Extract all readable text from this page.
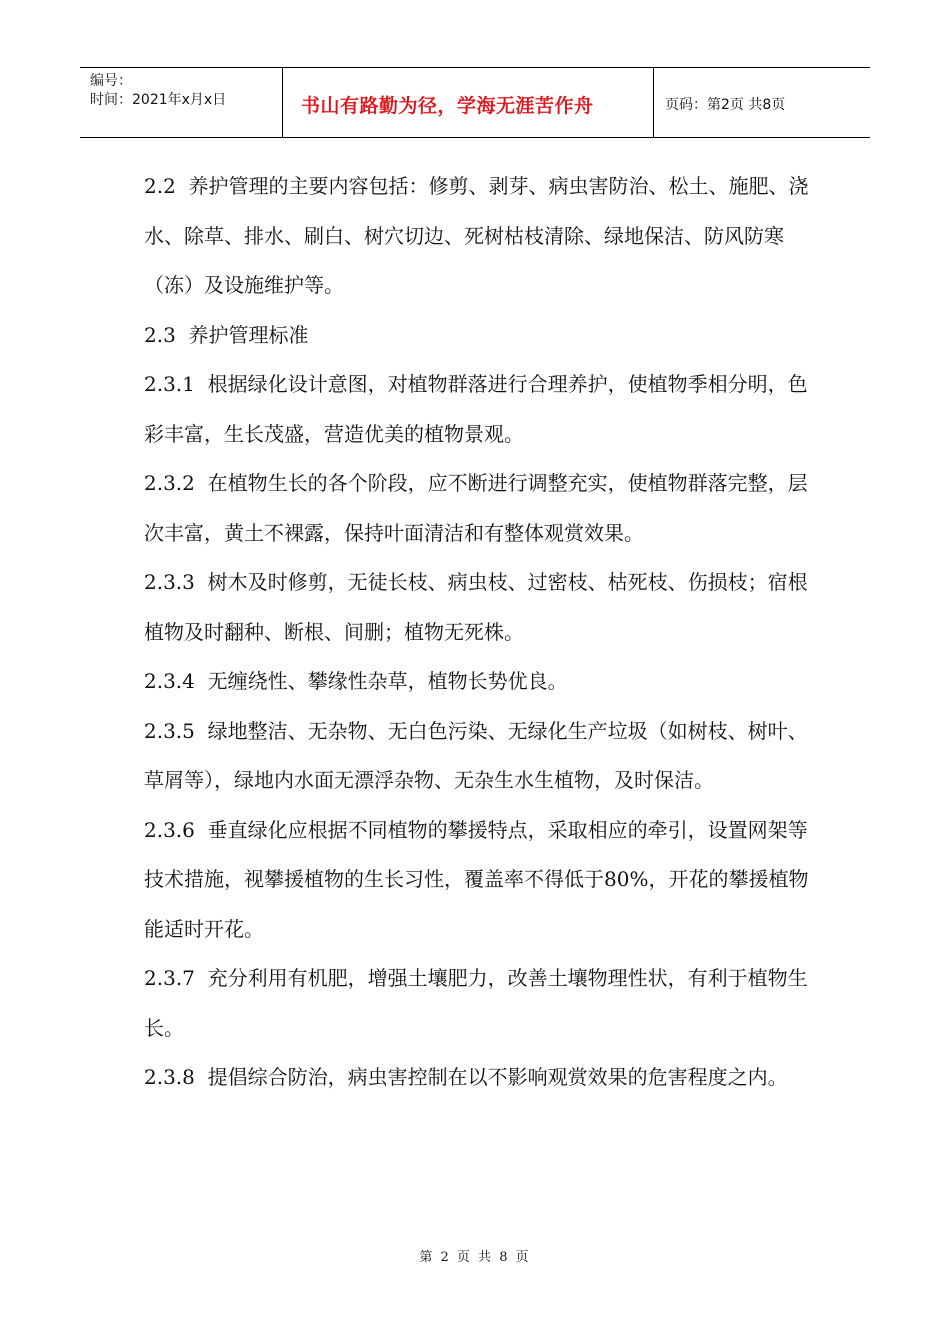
编号：
时间：2021年x月x日	书山有路勤为径，学海无涯苦作舟	页码：第2页 共8页

2.2  养护管理的主要内容包括：修剪、剥芽、病虫害防治、松土、施肥、浇水、除草、排水、刷白、树穴切边、死树枯枝清除、绿地保洁、防风防寒（冻）及设施维护等。

2.3  养护管理标准

2.3.1  根据绿化设计意图，对植物群落进行合理养护，使植物季相分明，色彩丰富，生长茂盛，营造优美的植物景观。

2.3.2  在植物生长的各个阶段，应不断进行调整充实，使植物群落完整，层次丰富，黄土不裸露，保持叶面清洁和有整体观赏效果。

2.3.3  树木及时修剪，无徒长枝、病虫枝、过密枝、枯死枝、伤损枝；宿根植物及时翻种、断根、间删；植物无死株。

2.3.4  无缠绕性、攀缘性杂草，植物长势优良。

2.3.5  绿地整洁、无杂物、无白色污染、无绿化生产垃圾（如树枝、树叶、草屑等），绿地内水面无漂浮杂物、无杂生水生植物，及时保洁。

2.3.6  垂直绿化应根据不同植物的攀援特点，采取相应的牵引，设置网架等技术措施，视攀援植物的生长习性，覆盖率不得低于80%，开花的攀援植物能适时开花。

2.3.7  充分利用有机肥，增强土壤肥力，改善土壤物理性状，有利于植物生长。

2.3.8  提倡综合防治，病虫害控制在以不影响观赏效果的危害程度之内。

第 2 页 共 8 页
